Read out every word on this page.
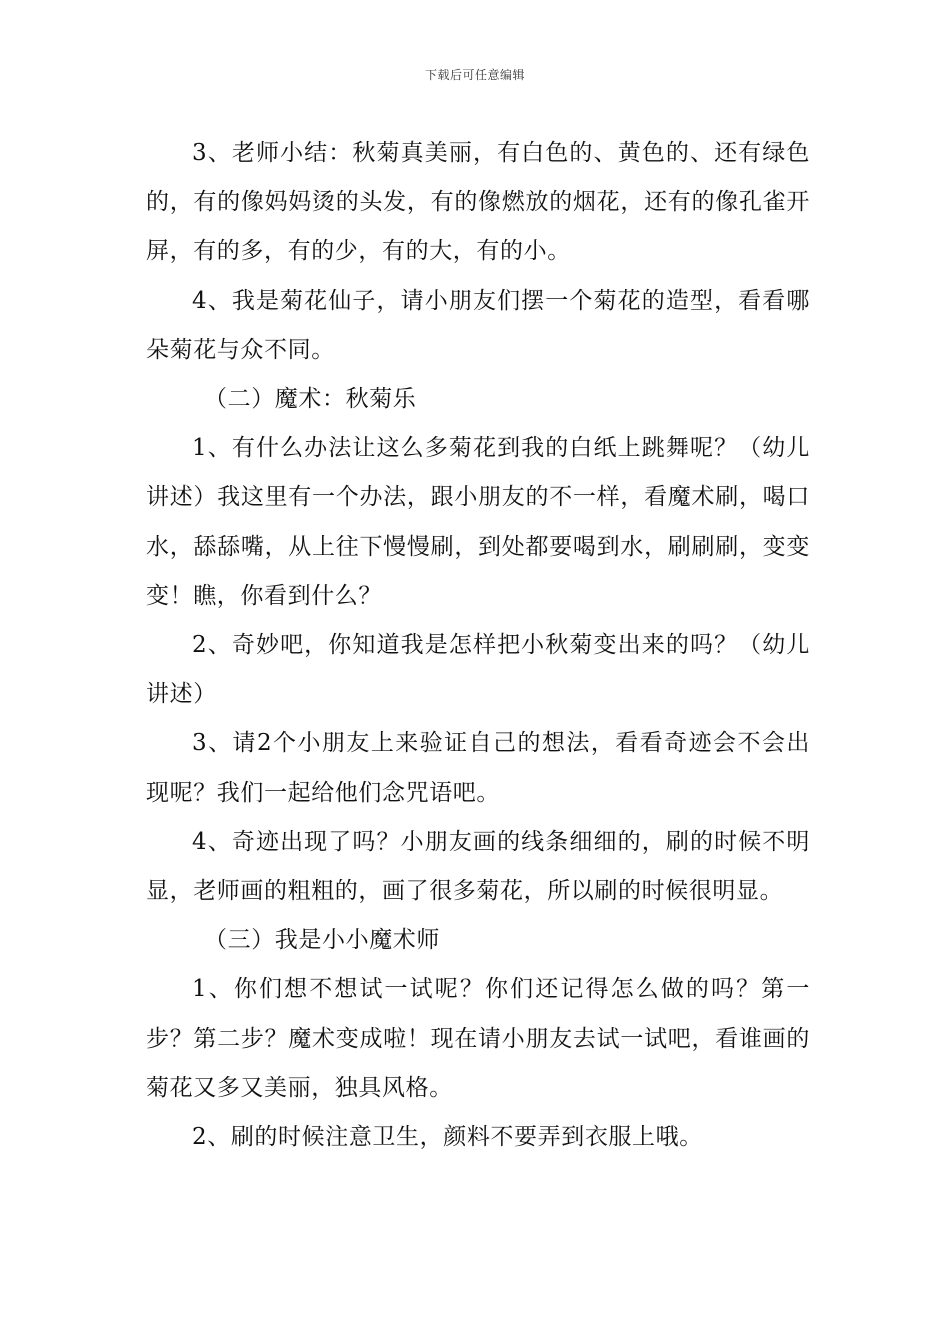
下载后可任意编辑

3、老师小结：秋菊真美丽，有白色的、黄色的、还有绿色的，有的像妈妈烫的头发，有的像燃放的烟花，还有的像孔雀开屏，有的多，有的少，有的大，有的小。

4、我是菊花仙子，请小朋友们摆一个菊花的造型，看看哪朵菊花与众不同。

（二）魔术：秋菊乐

1、有什么办法让这么多菊花到我的白纸上跳舞呢？（幼儿讲述）我这里有一个办法，跟小朋友的不一样，看魔术刷，喝口水，舔舔嘴，从上往下慢慢刷，到处都要喝到水，刷刷刷，变变变！瞧，你看到什么？

2、奇妙吧，你知道我是怎样把小秋菊变出来的吗？（幼儿讲述）

3、请2个小朋友上来验证自己的想法，看看奇迹会不会出现呢？我们一起给他们念咒语吧。

4、奇迹出现了吗？小朋友画的线条细细的，刷的时候不明显，老师画的粗粗的，画了很多菊花，所以刷的时候很明显。

（三）我是小小魔术师

1、你们想不想试一试呢？你们还记得怎么做的吗？第一步？第二步？魔术变成啦！现在请小朋友去试一试吧，看谁画的菊花又多又美丽，独具风格。

2、刷的时候注意卫生，颜料不要弄到衣服上哦。
